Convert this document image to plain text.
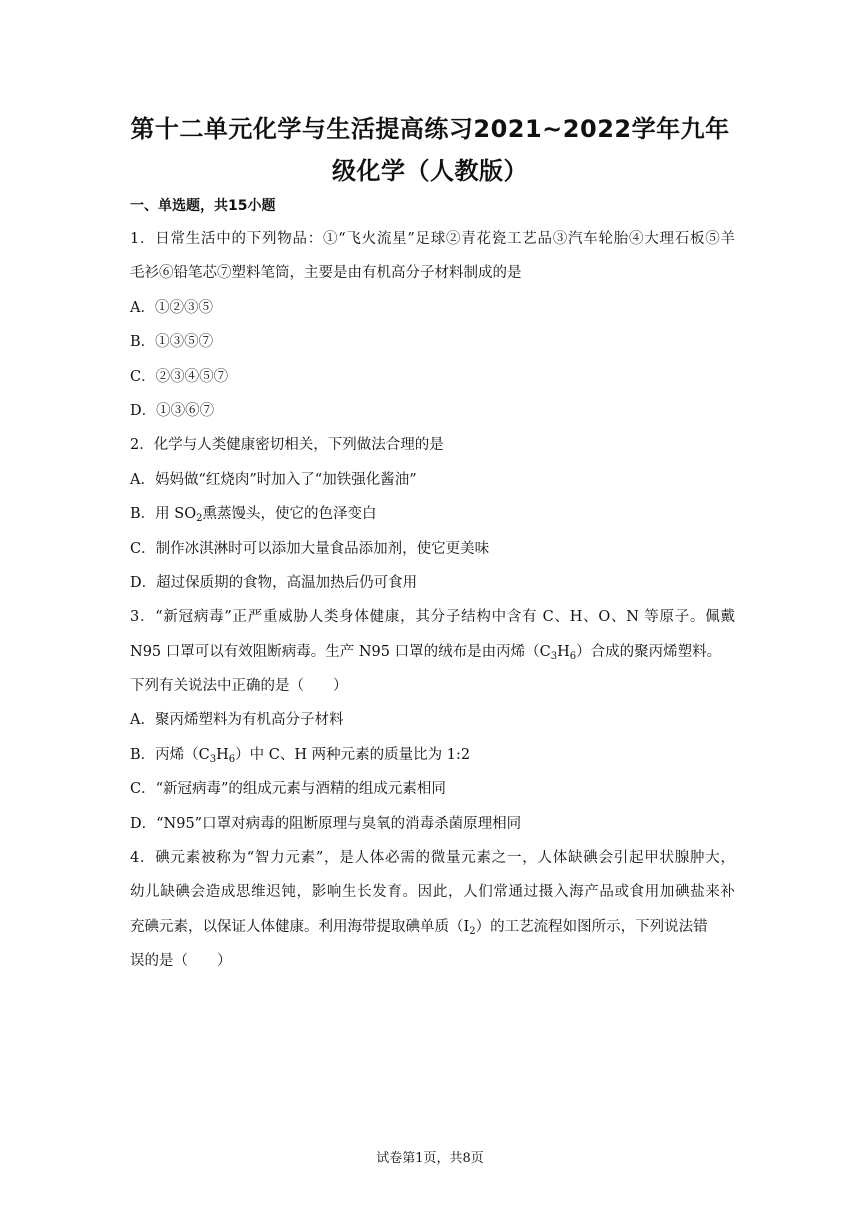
第十二单元化学与生活提高练习2021~2022学年九年级化学（人教版）
一、单选题，共15小题
1．日常生活中的下列物品：①“飞火流星”足球②青花瓷工艺品③汽车轮胎④大理石板⑤羊
毛衫⑥铅笔芯⑦塑料笔筒，主要是由有机高分子材料制成的是
A．①②③⑤
B．①③⑤⑦
C．②③④⑤⑦
D．①③⑥⑦
2．化学与人类健康密切相关，下列做法合理的是
A．妈妈做“红烧肉”时加入了“加铁强化酱油”
B．用 $SO_2$熏蒸馒头，使它的色泽变白
C．制作冰淇淋时可以添加大量食品添加剂，使它更美味
D．超过保质期的食物，高温加热后仍可食用
3．“新冠病毒”正严重威胁人类身体健康，其分子结构中含有 C、H、O、N 等原子。佩戴
N95 口罩可以有效阻断病毒。生产 N95 口罩的绒布是由丙烯$(C_3H_6)$合成的聚丙烯塑料。
下列有关说法中正确的是（　　）
A．聚丙烯塑料为有机高分子材料
B．丙烯$(C_3H_6)$中 C、H 两种元素的质量比为 1:2
C．“新冠病毒”的组成元素与酒精的组成元素相同
D．“N95”口罩对病毒的阻断原理与臭氧的消毒杀菌原理相同
4．碘元素被称为“智力元素”，是人体必需的微量元素之一，人体缺碘会引起甲状腺肿大，
幼儿缺碘会造成思维迟钝，影响生长发育。因此，人们常通过摄入海产品或食用加碘盐来补
充碘元素，以保证人体健康。利用海带提取碘单质$(I_2)$的工艺流程如图所示，下列说法错
误的是（　　）
试卷第1页，共8页
